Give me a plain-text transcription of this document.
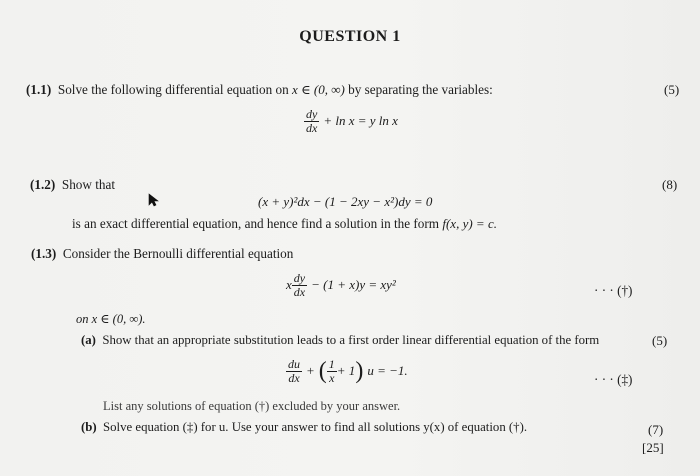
QUESTION 1
(1.1) Solve the following differential equation on x ∈ (0, ∞) by separating the variables:	(5)
$\frac{dy}{dx} + \ln x = y$ ln x
(1.2) Show that	(8)
(x + y)²dx − (1 − 2xy − x²)dy = 0
is an exact differential equation, and hence find a solution in the form f(x, y) = c.
(1.3) Consider the Bernoulli differential equation
x $\frac{dy}{dx} - (1 + x)y = xy^2$	· · · (†)
on x ∈ (0, ∞).
(a) Show that an appropriate substitution leads to a first order linear differential equation of the form	(5)
$\frac{du}{dx}$ + ( $\frac{1}{x} + 1$) u = −1.
· · · (‡)
List any solutions of equation (†) excluded by your answer.
(b) Solve equation (‡) for u. Use your answer to find all solutions y(x) of equation (†).	(7)
[25]
